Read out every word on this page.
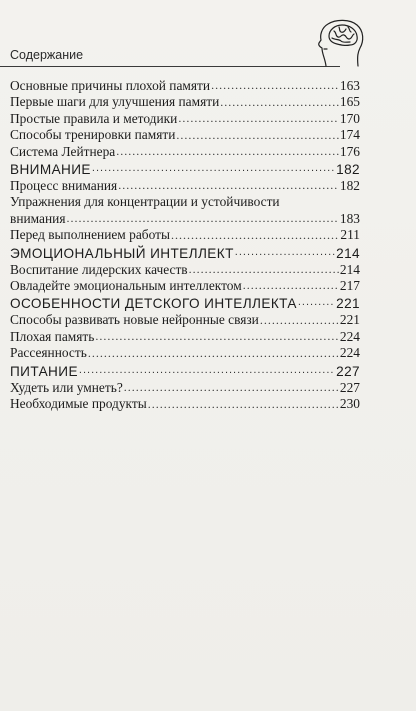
Содержание
Основные причины плохой памяти .....	163
Первые шаги для улучшения памяти .....	165
Простые правила и методики .....	170
Способы тренировки памяти .....	174
Система Лейтнера .....	176
ВНИМАНИЕ .....	182
Процесс внимания .....	182
Упражнения для концентрации и устойчивости
внимания .....	183
Перед выполнением работы .....	211
ЭМОЦИОНАЛЬНЫЙ ИНТЕЛЛЕКТ .....	214
Воспитание лидерских качеств .....	214
Овладейте эмоциональным интеллектом .....	217
ОСОБЕННОСТИ ДЕТСКОГО ИНТЕЛЛЕКТА .....	221
Способы развивать новые нейронные связи .....	221
Плохая память .....	224
Рассеянность .....	224
ПИТАНИЕ .....	227
Худеть или умнеть? .....	227
Необходимые продукты .....	230
